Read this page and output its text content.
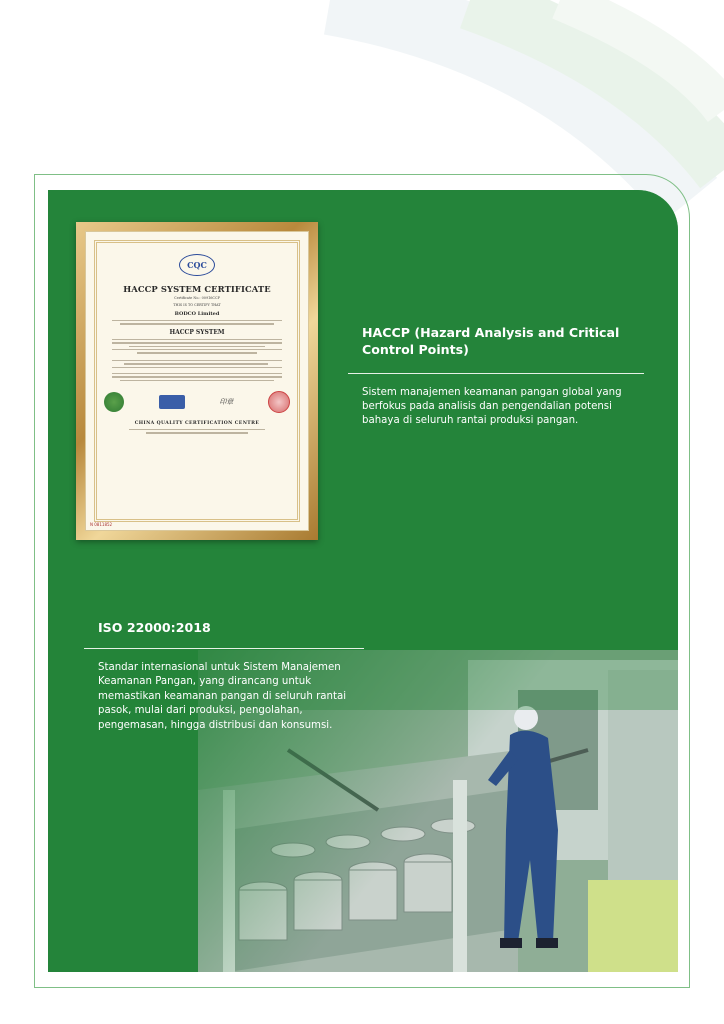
CQC
HACCP SYSTEM CERTIFICATE
Certificate No.: 00916CCP
THIS IS TO CERTIFY THAT
BODCO Limited
HACCP SYSTEM
印章
CHINA QUALITY CERTIFICATION CENTRE
N 0811852
HACCP (Hazard Analysis and Critical Control Points)
Sistem manajemen keamanan pangan global yang berfokus pada analisis dan pengendalian potensi bahaya di seluruh rantai produksi pangan.
ISO 22000:2018
Standar internasional untuk Sistem Manajemen Keamanan Pangan, yang dirancang untuk memastikan keamanan pangan di seluruh rantai pasok, mulai dari produksi, pengolahan, pengemasan, hingga distribusi dan konsumsi.
